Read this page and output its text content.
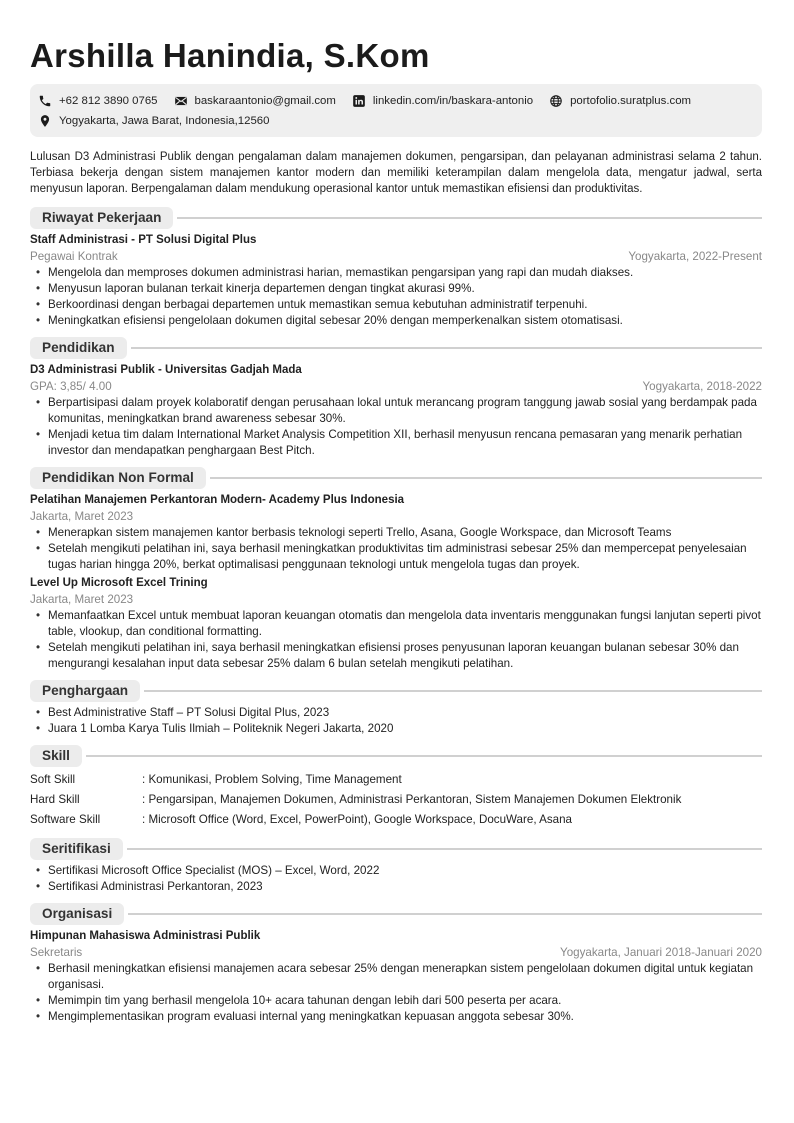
Arshilla Hanindia, S.Kom
+62 812 3890 0765	baskaraantonio@gmail.com	linkedin.com/in/baskara-antonio	portofolio.suratplus.com
Yogyakarta, Jawa Barat, Indonesia,12560

Lulusan D3 Administrasi Publik dengan pengalaman dalam manajemen dokumen, pengarsipan, dan pelayanan administrasi selama 2 tahun. Terbiasa bekerja dengan sistem manajemen kantor modern dan memiliki keterampilan dalam mengelola data, mengatur jadwal, serta menyusun laporan. Berpengalaman dalam mendukung operasional kantor untuk memastikan efisiensi dan produktivitas.

Riwayat Pekerjaan
Staff Administrasi - PT Solusi Digital Plus
Pegawai Kontrak	Yogyakarta, 2022-Present
• Mengelola dan memproses dokumen administrasi harian, memastikan pengarsipan yang rapi dan mudah diakses.
• Menyusun laporan bulanan terkait kinerja departemen dengan tingkat akurasi 99%.
• Berkoordinasi dengan berbagai departemen untuk memastikan semua kebutuhan administratif terpenuhi.
• Meningkatkan efisiensi pengelolaan dokumen digital sebesar 20% dengan memperkenalkan sistem otomatisasi.
Pendidikan
D3 Administrasi Publik - Universitas Gadjah Mada
GPA: 3,85/ 4.00	Yogyakarta, 2018-2022
• Berpartisipasi dalam proyek kolaboratif dengan perusahaan lokal untuk merancang program tanggung jawab sosial yang berdampak pada komunitas, meningkatkan brand awareness sebesar 30%.
• Menjadi ketua tim dalam International Market Analysis Competition XII, berhasil menyusun rencana pemasaran yang menarik perhatian investor dan mendapatkan penghargaan Best Pitch.
Pendidikan Non Formal
Pelatihan Manajemen Perkantoran Modern- Academy Plus Indonesia
Jakarta, Maret 2023
• Menerapkan sistem manajemen kantor berbasis teknologi seperti Trello, Asana, Google Workspace, dan Microsoft Teams
• Setelah mengikuti pelatihan ini, saya berhasil meningkatkan produktivitas tim administrasi sebesar 25% dan mempercepat penyelesaian tugas harian hingga 20%, berkat optimalisasi penggunaan teknologi untuk mengelola tugas dan proyek.
Level Up Microsoft Excel Trining
Jakarta, Maret 2023
• Memanfaatkan Excel untuk membuat laporan keuangan otomatis dan mengelola data inventaris menggunakan fungsi lanjutan seperti pivot table, vlookup, dan conditional formatting.
• Setelah mengikuti pelatihan ini, saya berhasil meningkatkan efisiensi proses penyusunan laporan keuangan bulanan sebesar 30% dan mengurangi kesalahan input data sebesar 25% dalam 6 bulan setelah mengikuti pelatihan.
Penghargaan
• Best Administrative Staff – PT Solusi Digital Plus, 2023
• Juara 1 Lomba Karya Tulis Ilmiah – Politeknik Negeri Jakarta, 2020
Skill
Soft Skill	: Komunikasi, Problem Solving, Time Management
Hard Skill	: Pengarsipan, Manajemen Dokumen, Administrasi Perkantoran, Sistem Manajemen Dokumen Elektronik
Software Skill	: Microsoft Office (Word, Excel, PowerPoint), Google Workspace, DocuWare, Asana
Seritifikasi
• Sertifikasi Microsoft Office Specialist (MOS) – Excel, Word, 2022
• Sertifikasi Administrasi Perkantoran, 2023
Organisasi
Himpunan Mahasiswa Administrasi Publik
Sekretaris	Yogyakarta, Januari 2018-Januari 2020
• Berhasil meningkatkan efisiensi manajemen acara sebesar 25% dengan menerapkan sistem pengelolaan dokumen digital untuk kegiatan organisasi.
• Memimpin tim yang berhasil mengelola 10+ acara tahunan dengan lebih dari 500 peserta per acara.
• Mengimplementasikan program evaluasi internal yang meningkatkan kepuasan anggota sebesar 30%.
